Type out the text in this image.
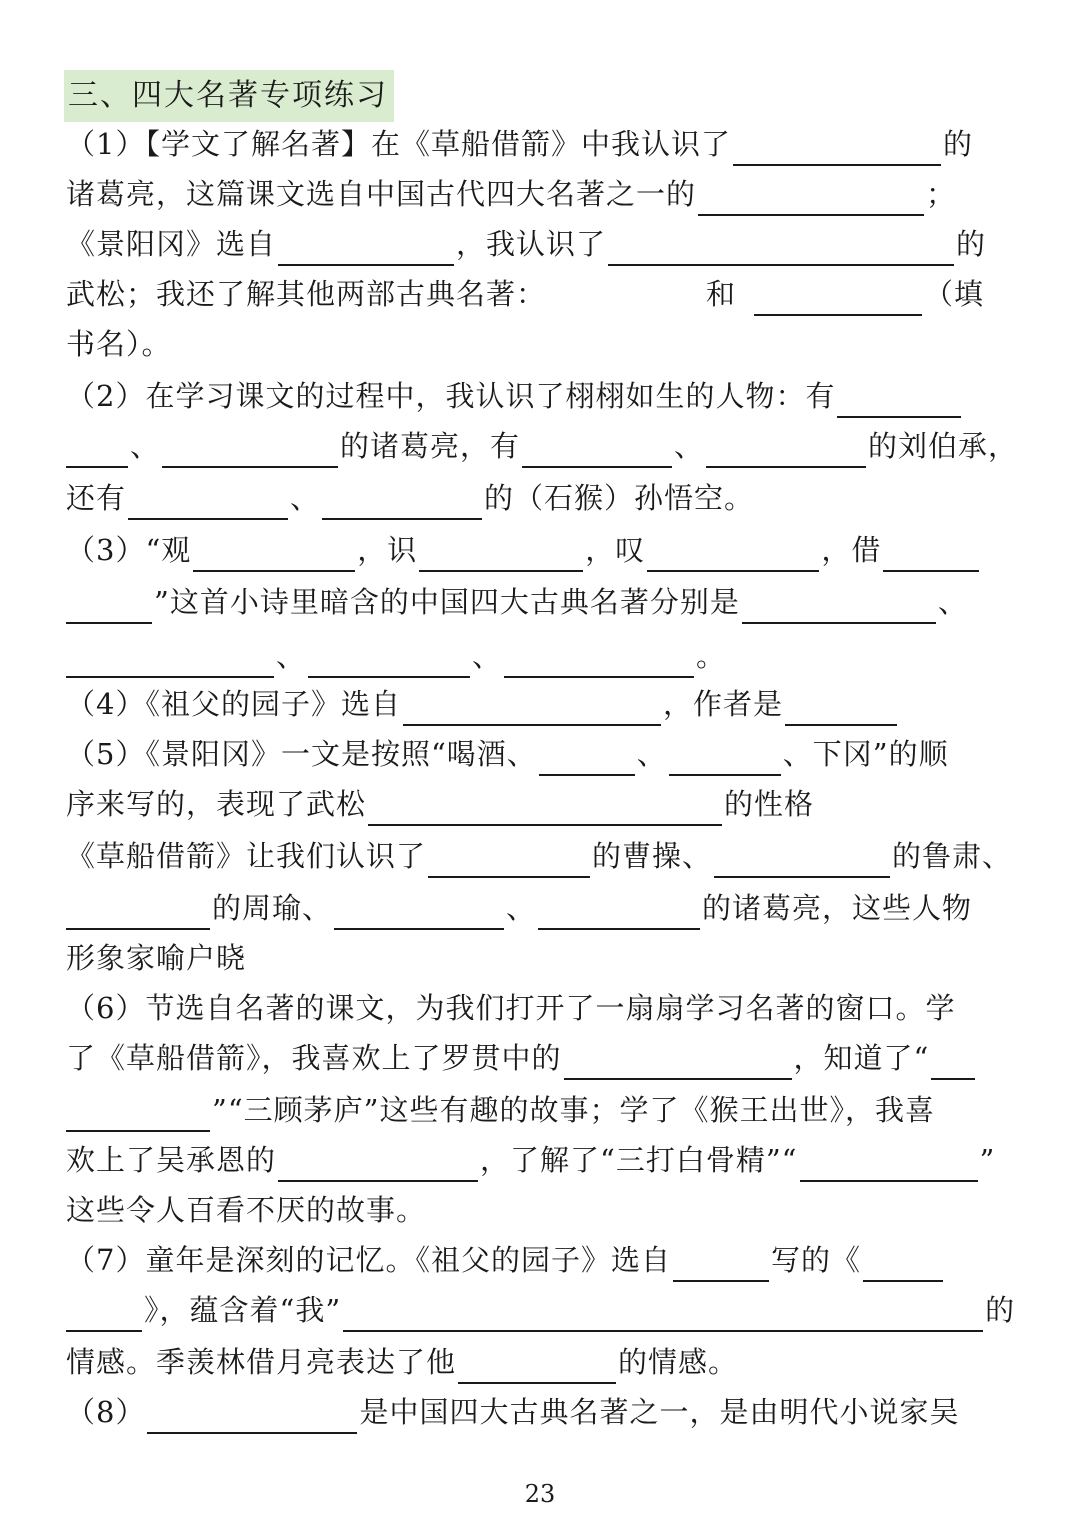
三、四大名著专项练习
（1）【学文了解名著】在《草船借箭》中我认识了	的
诸葛亮，这篇课文选自中国古代四大名著之一的	；
《景阳冈》选自	，我认识了	的
武松；我还了解其他两部古典名著：	和	（填
书名）。
（2）在学习课文的过程中，我认识了栩栩如生的人物：有
、	的诸葛亮，有	、	的刘伯承，
还有	、	的（石猴）孙悟空。
（3）“观	，识	，叹	，借
”这首小诗里暗含的中国四大古典名著分别是	、
、	、	。
（4）《祖父的园子》选自	，作者是
（5）《景阳冈》一文是按照“喝酒、	、	、下冈”的顺
序来写的，表现了武松	的性格
《草船借箭》让我们认识了	的曹操、	的鲁肃、
的周瑜、	、	的诸葛亮，这些人物
形象家喻户晓
（6）节选自名著的课文，为我们打开了一扇扇学习名著的窗口。学
了《草船借箭》，我喜欢上了罗贯中的	，知道了“
”“三顾茅庐”这些有趣的故事；学了《猴王出世》，我喜
欢上了吴承恩的	，了解了“三打白骨精”“	”
这些令人百看不厌的故事。
（7）童年是深刻的记忆。《祖父的园子》选自	写的《
》，蕴含着“我”	的
情感。季羡林借月亮表达了他	的情感。
（8）	是中国四大古典名著之一，是由明代小说家吴
23
